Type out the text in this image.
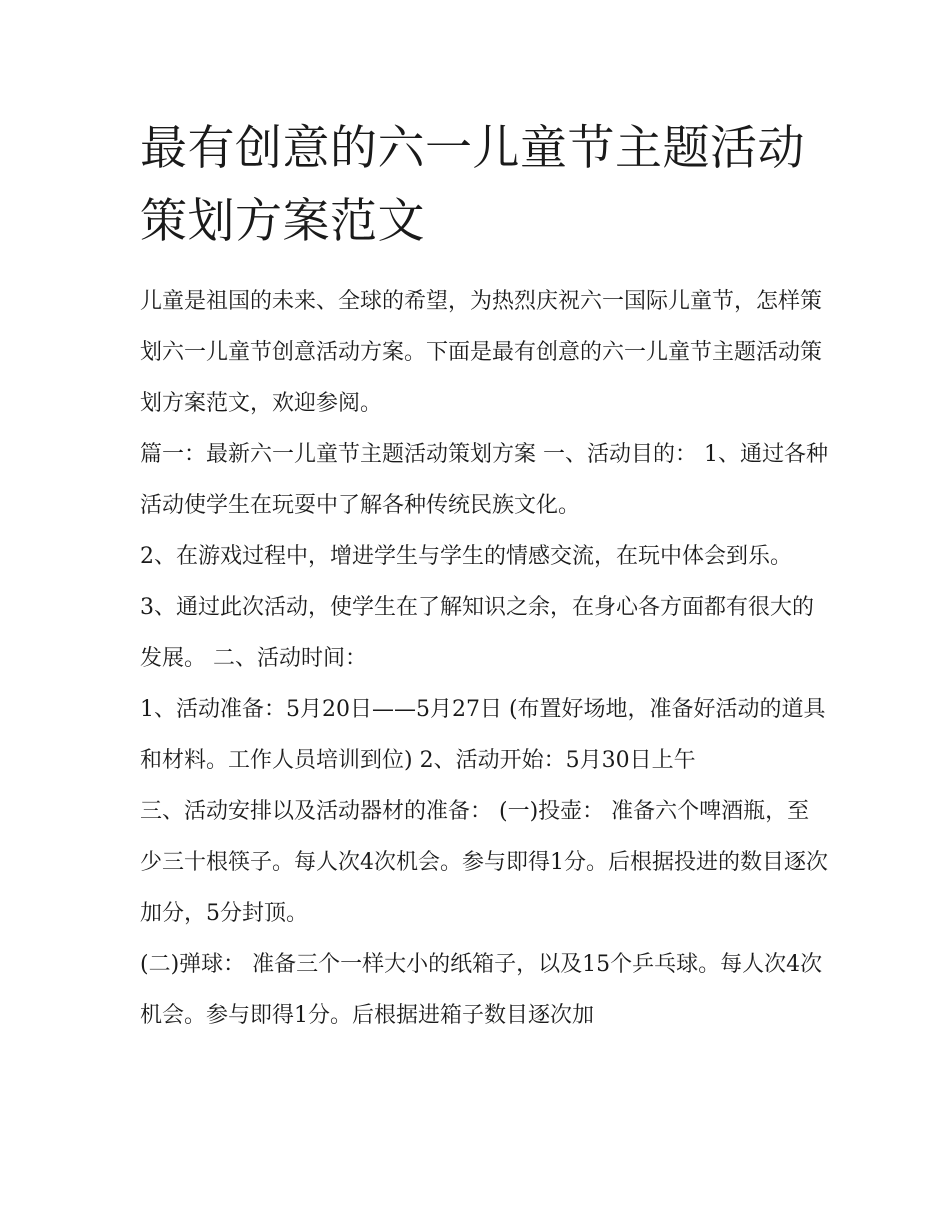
最有创意的六一儿童节主题活动策划方案范文

儿童是祖国的未来、全球的希望，为热烈庆祝六一国际儿童节，怎样策划六一儿童节创意活动方案。下面是最有创意的六一儿童节主题活动策划方案范文，欢迎参阅。

篇一：最新六一儿童节主题活动策划方案 一、活动目的： 1、通过各种活动使学生在玩耍中了解各种传统民族文化。

2、在游戏过程中，增进学生与学生的情感交流，在玩中体会到乐。 3、通过此次活动，使学生在了解知识之余，在身心各方面都有很大的发展。 二、活动时间：

1、活动准备：5月20日——5月27日 (布置好场地，准备好活动的道具和材料。工作人员培训到位) 2、活动开始：5月30日上午

三、活动安排以及活动器材的准备： (一)投壶： 准备六个啤酒瓶，至少三十根筷子。每人次4次机会。参与即得1分。后根据投进的数目逐次加分，5分封顶。

(二)弹球： 准备三个一样大小的纸箱子，以及15个乒乓球。每人次4次机会。参与即得1分。后根据进箱子数目逐次加
